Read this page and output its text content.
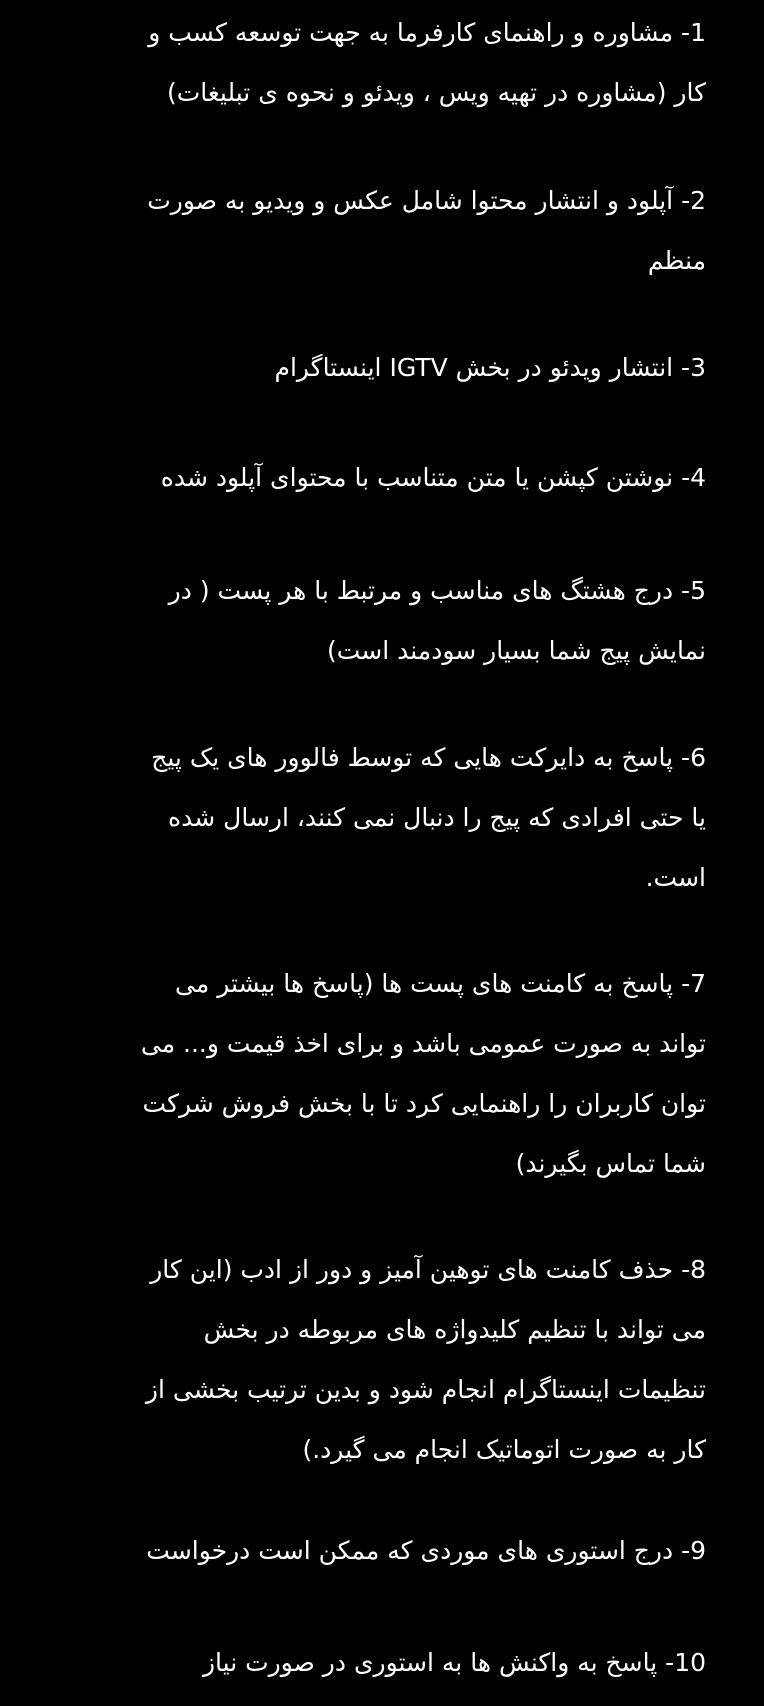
1- مشاوره و راهنمای کارفرما به جهت توسعه کسب و
کار (مشاوره در تهیه ویس ، ویدئو و نحوه ی تبلیغات)
2- آپلود و انتشار محتوا شامل عکس و ویدیو به صورت
منظم
3- انتشار ویدئو در بخش IGTV اینستاگرام
4- نوشتن کپشن یا متن متناسب با محتوای آپلود شده
5- درج هشتگ های مناسب و مرتبط با هر پست ( در
نمایش پیج شما بسیار سودمند است)
6- پاسخ به دایرکت هایی که توسط فالوور های یک پیج
یا حتی افرادی که پیج را دنبال نمی کنند، ارسال شده
است.
7- پاسخ به کامنت های پست ها (پاسخ ها بیشتر می
تواند به صورت عمومی باشد و برای اخذ قیمت و... می
توان کاربران را راهنمایی کرد تا با بخش فروش شرکت
شما تماس بگیرند)
8- حذف کامنت های توهین آمیز و دور از ادب (این کار
می تواند با تنظیم کلیدواژه های مربوطه در بخش
تنظیمات اینستاگرام انجام شود و بدین ترتیب بخشی از
کار به صورت اتوماتیک انجام می گیرد.)
9- درج استوری های موردی که ممکن است درخواست
10- پاسخ به واکنش ها به استوری در صورت نیاز
